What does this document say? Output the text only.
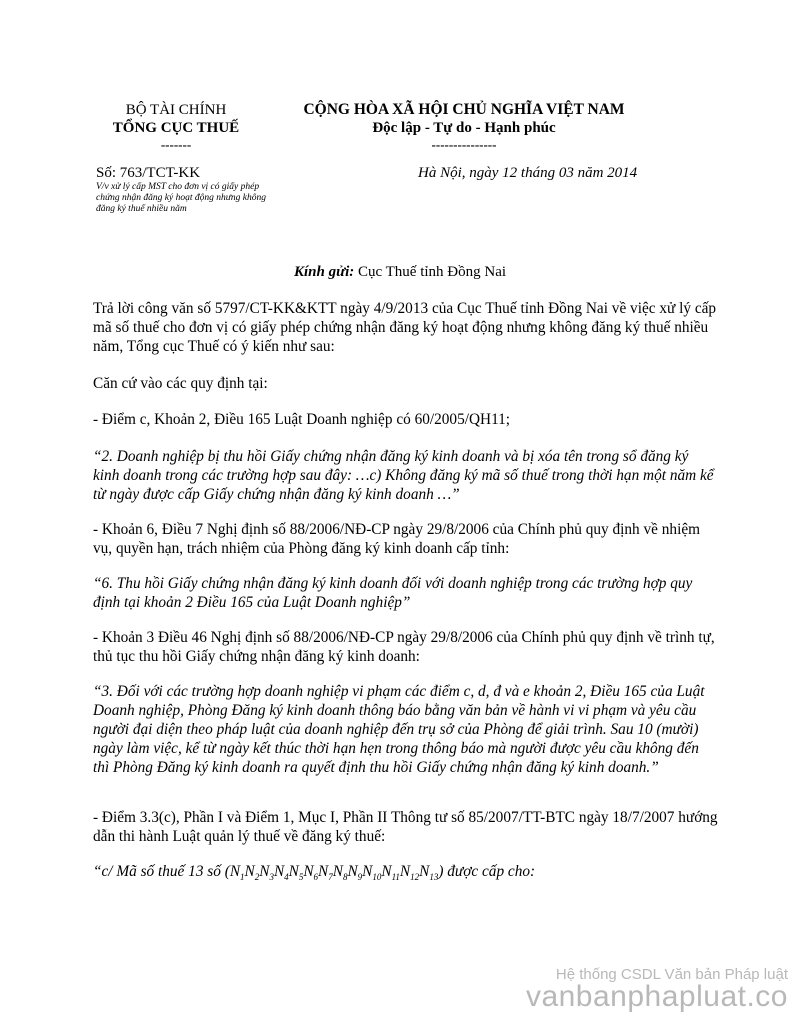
BỘ TÀI CHÍNH
TỔNG CỤC THUẾ
-------
CỘNG HÒA XÃ HỘI CHỦ NGHĨA VIỆT NAM
Độc lập - Tự do - Hạnh phúc
---------------
Số: 763/TCT-KK
V/v xử lý cấp MST cho đơn vị có giấy phép chứng nhận đăng ký hoạt động nhưng không đăng ký thuế nhiều năm
Hà Nội, ngày 12 tháng 03 năm 2014
Kính gửi: Cục Thuế tỉnh Đồng Nai

Trả lời công văn số 5797/CT-KK&KTT ngày 4/9/2013 của Cục Thuế tỉnh Đồng Nai về việc xử lý cấp mã số thuế cho đơn vị có giấy phép chứng nhận đăng ký hoạt động nhưng không đăng ký thuế nhiều năm, Tổng cục Thuế có ý kiến như sau:

Căn cứ vào các quy định tại:

- Điểm c, Khoản 2, Điều 165 Luật Doanh nghiệp có 60/2005/QH11;

“2. Doanh nghiệp bị thu hồi Giấy chứng nhận đăng ký kinh doanh và bị xóa tên trong sổ đăng ký kinh doanh trong các trường hợp sau đây: …c) Không đăng ký mã số thuế trong thời hạn một năm kể từ ngày được cấp Giấy chứng nhận đăng ký kinh doanh …”

- Khoản 6, Điều 7 Nghị định số 88/2006/NĐ-CP ngày 29/8/2006 của Chính phủ quy định về nhiệm vụ, quyền hạn, trách nhiệm của Phòng đăng ký kinh doanh cấp tỉnh:

“6. Thu hồi Giấy chứng nhận đăng ký kinh doanh đối với doanh nghiệp trong các trường hợp quy định tại khoản 2 Điều 165 của Luật Doanh nghiệp”

- Khoản 3 Điều 46 Nghị định số 88/2006/NĐ-CP ngày 29/8/2006 của Chính phủ quy định về trình tự, thủ tục thu hồi Giấy chứng nhận đăng ký kinh doanh:

“3. Đối với các trường hợp doanh nghiệp vi phạm các điểm c, d, đ và e khoản 2, Điều 165 của Luật Doanh nghiệp, Phòng Đăng ký kinh doanh thông báo bằng văn bản về hành vi vi phạm và yêu cầu người đại diện theo pháp luật của doanh nghiệp đến trụ sở của Phòng để giải trình. Sau 10 (mười) ngày làm việc, kể từ ngày kết thúc thời hạn hẹn trong thông báo mà người được yêu cầu không đến thì Phòng Đăng ký kinh doanh ra quyết định thu hồi Giấy chứng nhận đăng ký kinh doanh.”

- Điểm 3.3(c), Phần I và Điểm 1, Mục I, Phần II Thông tư số 85/2007/TT-BTC ngày 18/7/2007 hướng dẫn thi hành Luật quản lý thuế về đăng ký thuế:

“c/ Mã số thuế 13 số $(N_1N_2N_3N_4N_5N_6N_7N_8N_9N_{10}N_{11}N_{12}N_{13})$ được cấp cho:

Hệ thống CSDL Văn bản Pháp luật
vanbanphapluat.co
